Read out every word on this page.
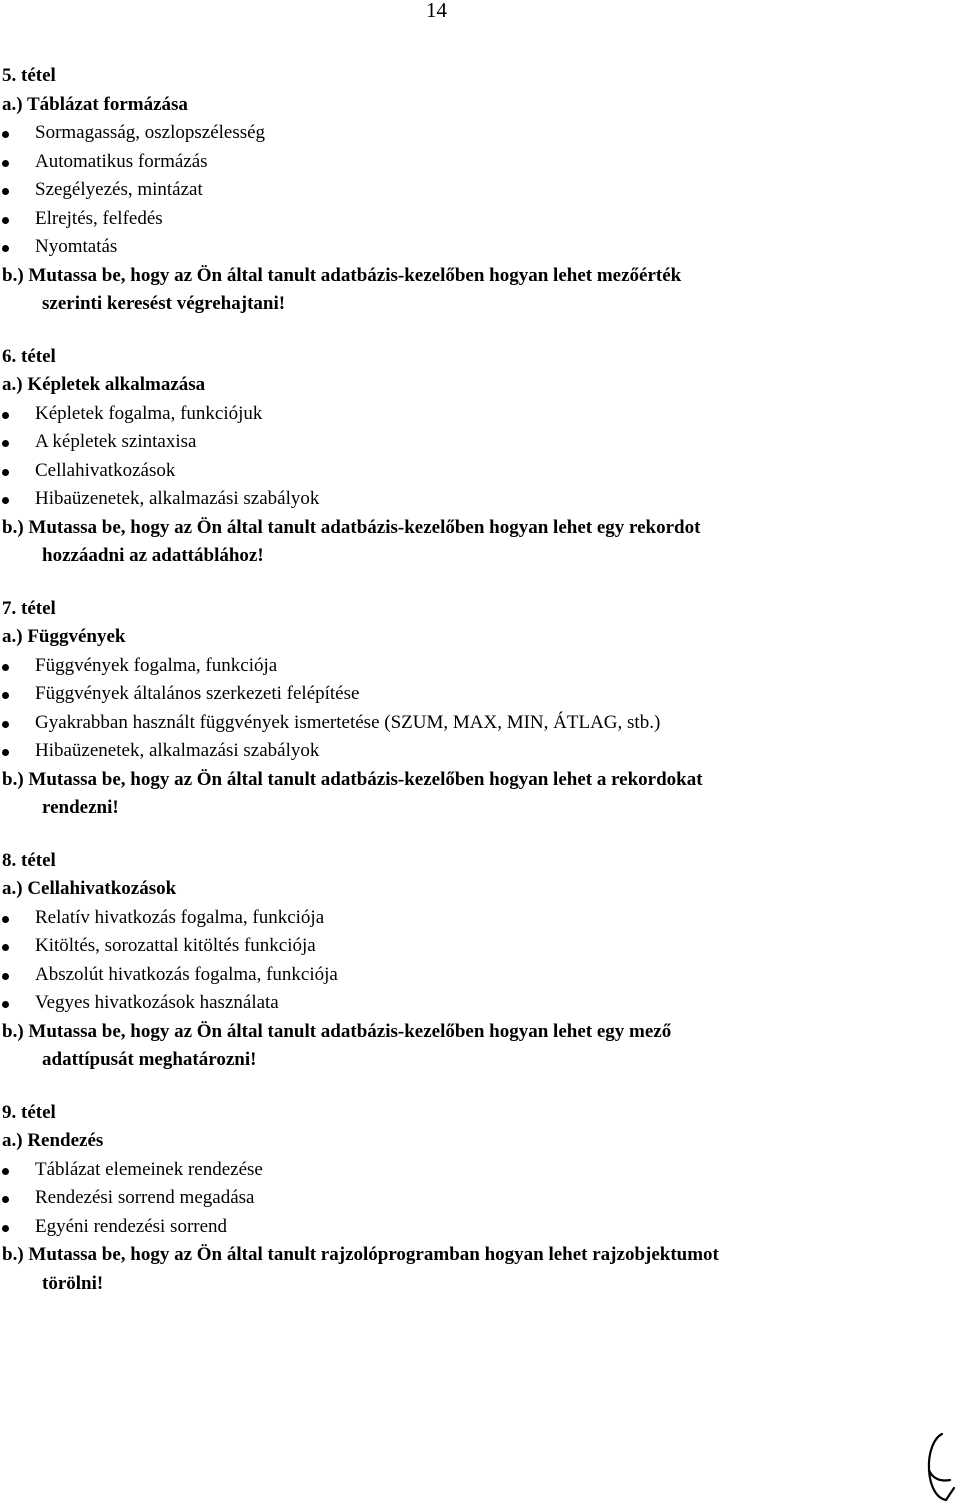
14
5. tétel
a.) Táblázat formázása
Sormagasság, oszlopszélesség
Automatikus formázás
Szegélyezés, mintázat
Elrejtés, felfedés
Nyomtatás
b.) Mutassa be, hogy az Ön által tanult adatbázis-kezelőben hogyan lehet mezőérték
szerinti keresést végrehajtani!
6. tétel
a.) Képletek alkalmazása
Képletek fogalma, funkciójuk
A képletek szintaxisa
Cellahivatkozások
Hibaüzenetek, alkalmazási szabályok
b.) Mutassa be, hogy az Ön által tanult adatbázis-kezelőben hogyan lehet egy rekordot
hozzáadni az adattáblához!
7. tétel
a.) Függvények
Függvények fogalma, funkciója
Függvények általános szerkezeti felépítése
Gyakrabban használt függvények ismertetése (SZUM, MAX, MIN, ÁTLAG, stb.)
Hibaüzenetek, alkalmazási szabályok
b.) Mutassa be, hogy az Ön által tanult adatbázis-kezelőben hogyan lehet a rekordokat
rendezni!
8. tétel
a.) Cellahivatkozások
Relatív hivatkozás fogalma, funkciója
Kitöltés, sorozattal kitöltés funkciója
Abszolút hivatkozás fogalma, funkciója
Vegyes hivatkozások használata
b.) Mutassa be, hogy az Ön által tanult adatbázis-kezelőben hogyan lehet egy mező
adattípusát meghatározni!
9. tétel
a.) Rendezés
Táblázat elemeinek rendezése
Rendezési sorrend megadása
Egyéni rendezési sorrend
b.) Mutassa be, hogy az Ön által tanult rajzolóprogramban hogyan lehet rajzobjektumot
törölni!
